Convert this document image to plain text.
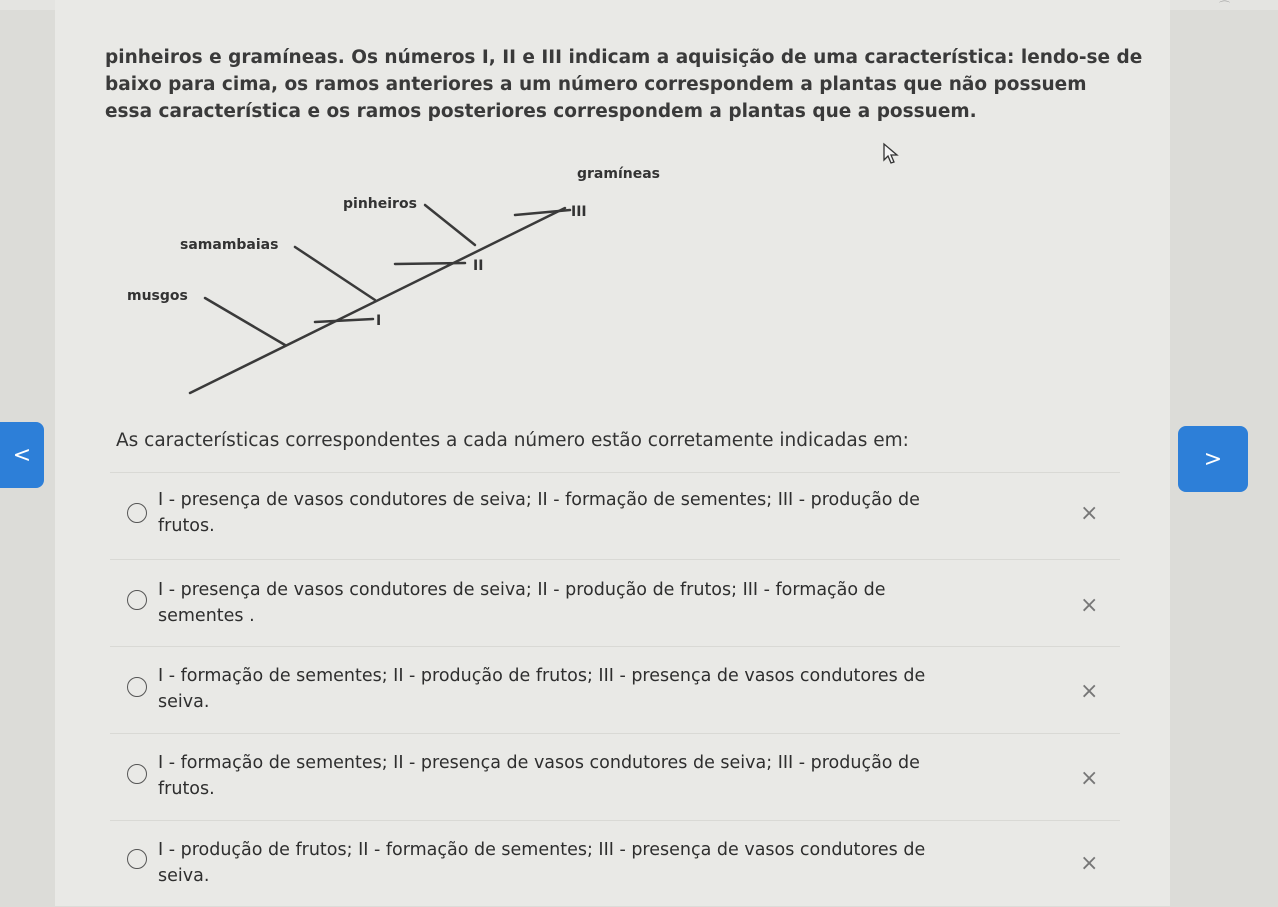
⌒

pinheiros e gramíneas. Os números I, II e III indicam a aquisição de uma característica: lendo-se de

baixo para cima, os ramos anteriores a um número correspondem a plantas que não possuem

essa característica e os ramos posteriores correspondem a plantas que a possuem.

gramíneas
pinheiros
samambaias
musgos
I
II
III
<	>

As características correspondentes a cada número estão corretamente indicadas em:

I - presença de vasos condutores de seiva; II - formação de sementes; III - produção de
frutos.	×
I - presença de vasos condutores de seiva; II - produção de frutos; III - formação de
sementes .	×
I - formação de sementes; II - produção de frutos; III - presença de vasos condutores de
seiva.	×
I - formação de sementes; II - presença de vasos condutores de seiva; III - produção de
frutos.	×
I - produção de frutos; II - formação de sementes; III - presença de vasos condutores de
seiva.	×
